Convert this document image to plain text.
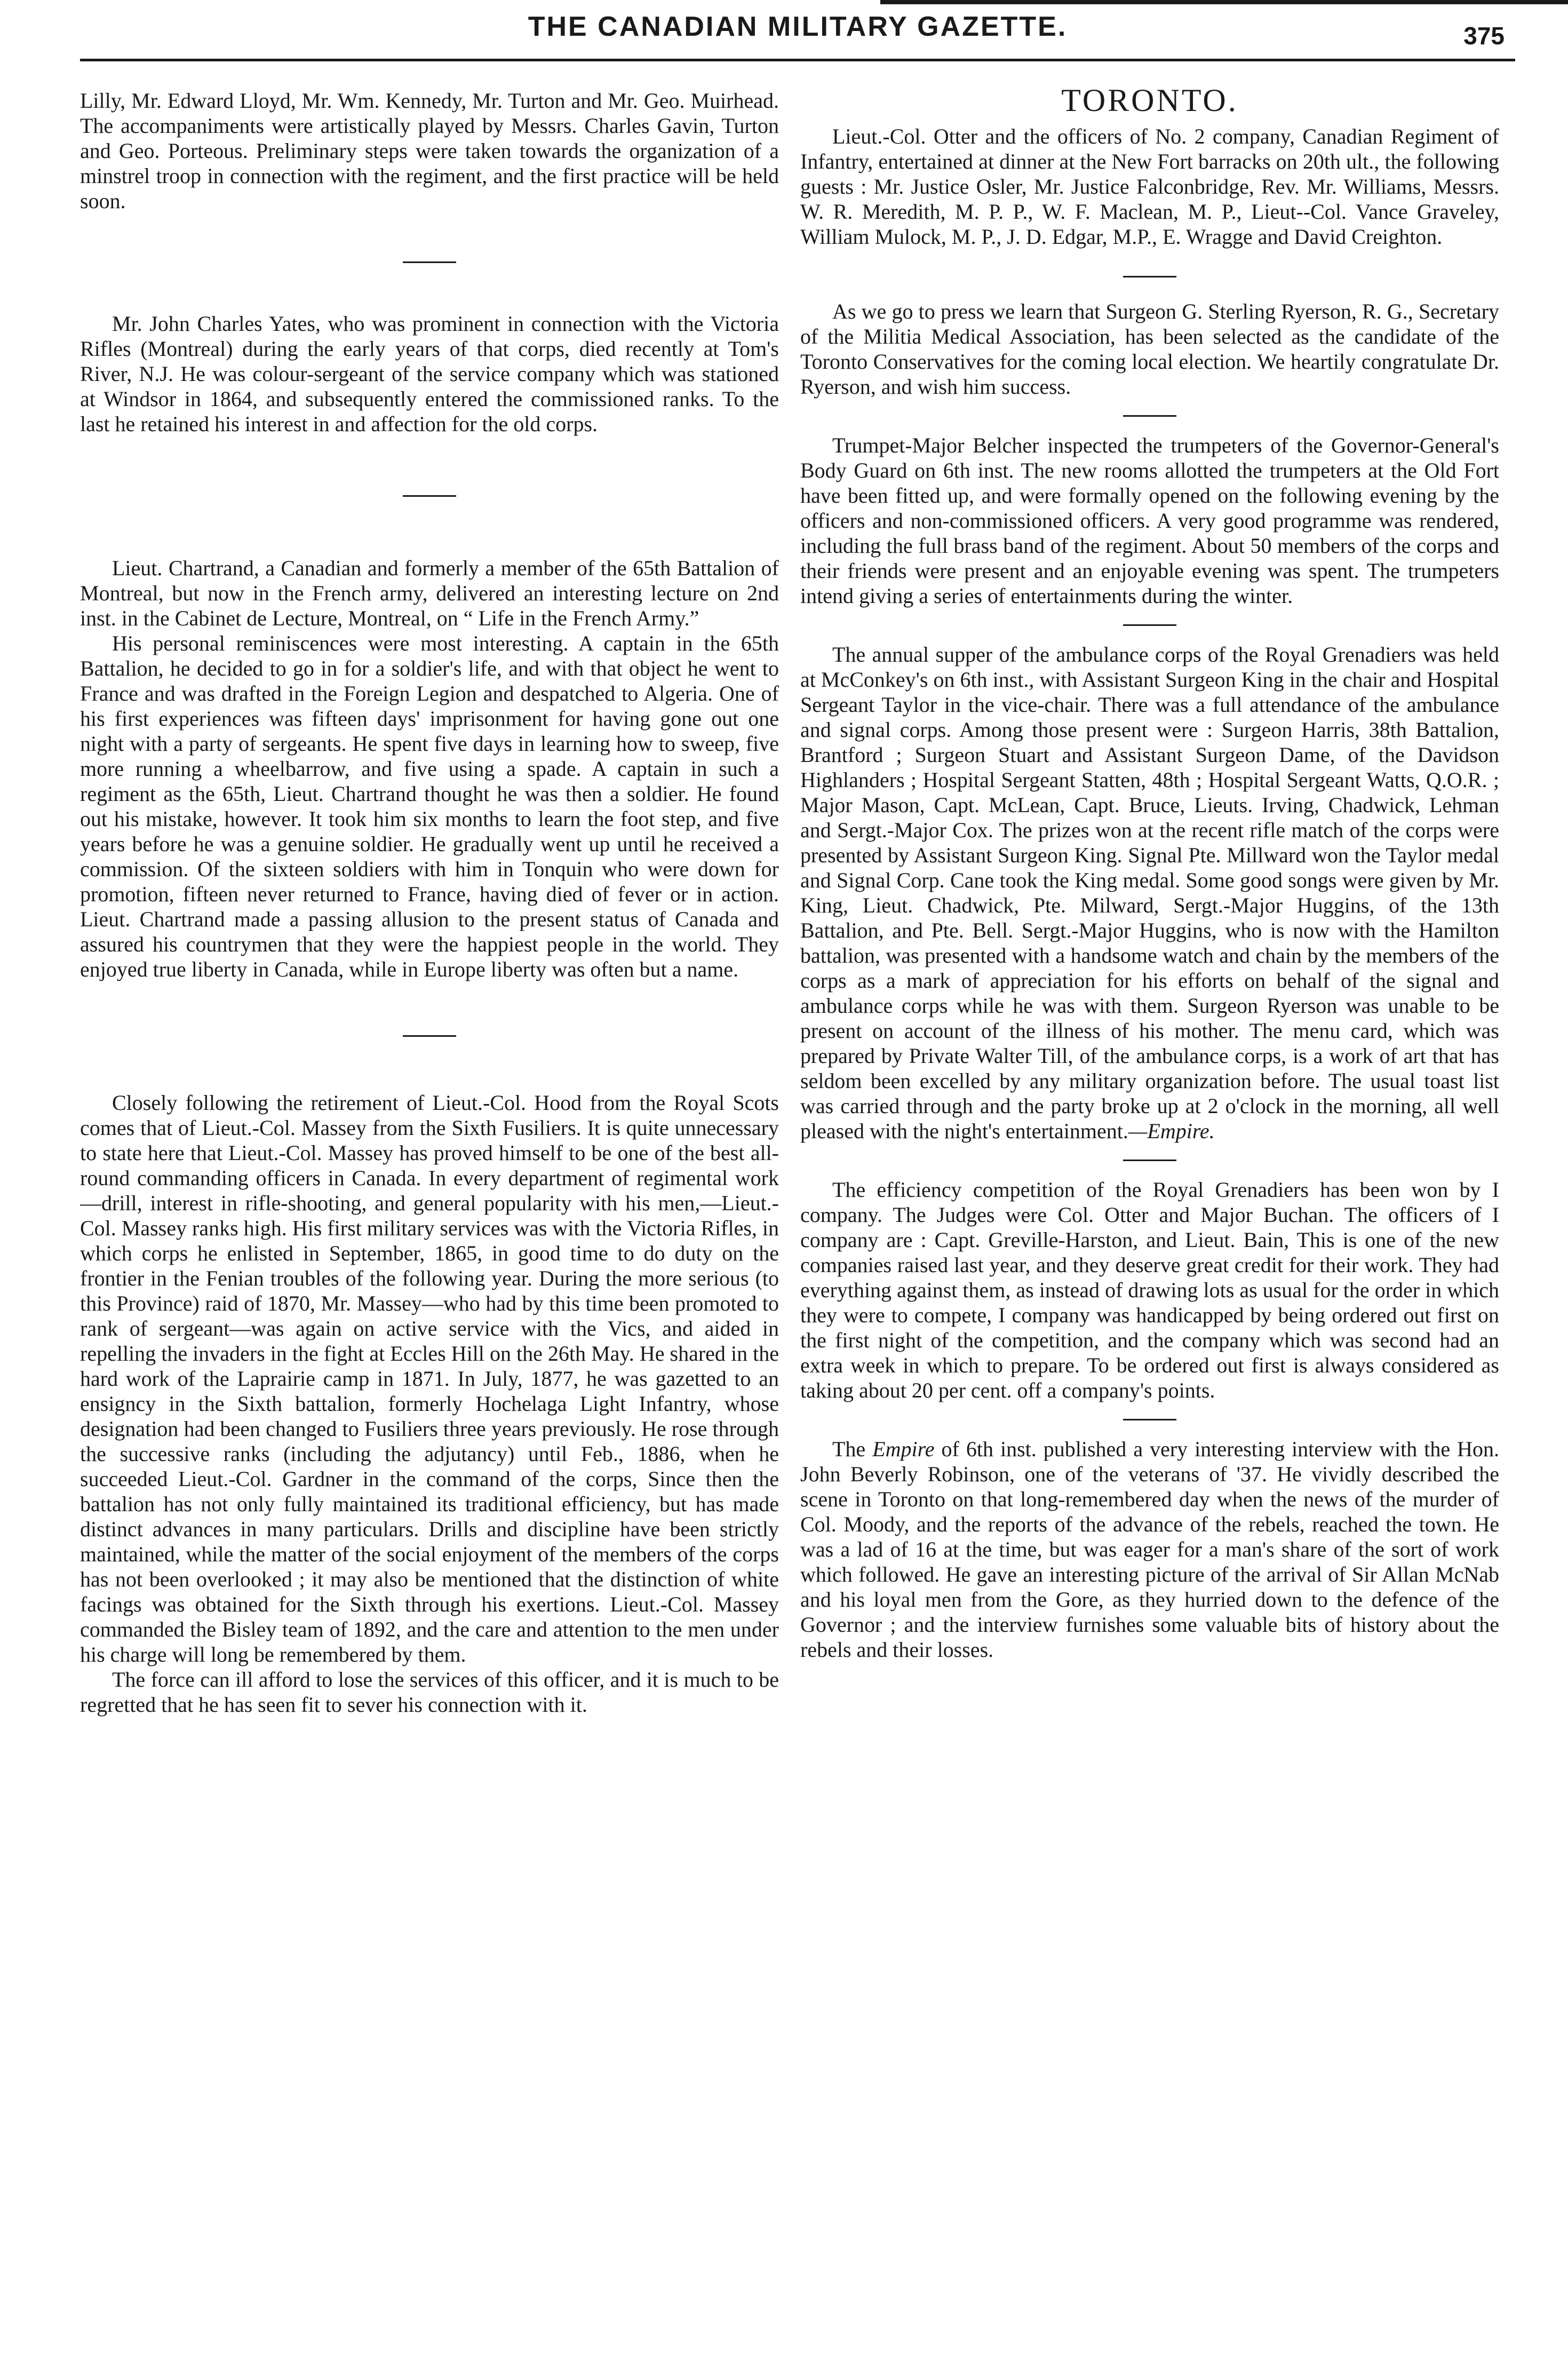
THE CANADIAN MILITARY GAZETTE.	375

Lilly, Mr. Edward Lloyd, Mr. Wm. Kennedy, Mr. Turton and Mr. Geo. Muirhead. The accompaniments were artistically played by Messrs. Charles Gavin, Turton and Geo. Porteous. Preliminary steps were taken towards the organization of a minstrel troop in connection with the regiment, and the first practice will be held soon.

Mr. John Charles Yates, who was prominent in connection with the Victoria Rifles (Montreal) during the early years of that corps, died recently at Tom's River, N.J. He was colour-sergeant of the service company which was stationed at Windsor in 1864, and subsequently entered the commissioned ranks. To the last he retained his interest in and affection for the old corps.

Lieut. Chartrand, a Canadian and formerly a member of the 65th Battalion of Montreal, but now in the French army, delivered an interesting lecture on 2nd inst. in the Cabinet de Lecture, Montreal, on “ Life in the French Army.”

His personal reminiscences were most interesting. A captain in the 65th Battalion, he decided to go in for a soldier's life, and with that object he went to France and was drafted in the Foreign Legion and despatched to Algeria. One of his first experiences was fifteen days' imprisonment for having gone out one night with a party of sergeants. He spent five days in learning how to sweep, five more running a wheelbarrow, and five using a spade. A captain in such a regiment as the 65th, Lieut. Chartrand thought he was then a soldier. He found out his mistake, however. It took him six months to learn the foot step, and five years before he was a genuine soldier. He gradually went up until he received a commission. Of the sixteen soldiers with him in Tonquin who were down for promotion, fifteen never returned to France, having died of fever or in action. Lieut. Chartrand made a passing allusion to the present status of Canada and assured his countrymen that they were the happiest people in the world. They enjoyed true liberty in Canada, while in Europe liberty was often but a name.

Closely following the retirement of Lieut.-Col. Hood from the Royal Scots comes that of Lieut.-Col. Massey from the Sixth Fusiliers. It is quite unnecessary to state here that Lieut.-Col. Massey has proved himself to be one of the best all-round commanding officers in Canada. In every department of regimental work—drill, interest in rifle-shooting, and general popularity with his men,—Lieut.-Col. Massey ranks high. His first military services was with the Victoria Rifles, in which corps he enlisted in September, 1865, in good time to do duty on the frontier in the Fenian troubles of the following year. During the more serious (to this Province) raid of 1870, Mr. Massey—who had by this time been promoted to rank of sergeant—was again on active service with the Vics, and aided in repelling the invaders in the fight at Eccles Hill on the 26th May. He shared in the hard work of the Laprairie camp in 1871. In July, 1877, he was gazetted to an ensigncy in the Sixth battalion, formerly Hochelaga Light Infantry, whose designation had been changed to Fusiliers three years previously. He rose through the successive ranks (including the adjutancy) until Feb., 1886, when he succeeded Lieut.-Col. Gardner in the command of the corps, Since then the battalion has not only fully maintained its traditional efficiency, but has made distinct advances in many particulars. Drills and discipline have been strictly maintained, while the matter of the social enjoyment of the members of the corps has not been overlooked ; it may also be mentioned that the distinction of white facings was obtained for the Sixth through his exertions. Lieut.-Col. Massey commanded the Bisley team of 1892, and the care and attention to the men under his charge will long be remembered by them.

The force can ill afford to lose the services of this officer, and it is much to be regretted that he has seen fit to sever his connection with it.

TORONTO.

Lieut.-Col. Otter and the officers of No. 2 company, Canadian Regiment of Infantry, entertained at dinner at the New Fort barracks on 20th ult., the following guests : Mr. Justice Osler, Mr. Justice Falconbridge, Rev. Mr. Williams, Messrs. W. R. Meredith, M. P. P., W. F. Maclean, M. P., Lieut--Col. Vance Graveley, William Mulock, M. P., J. D. Edgar, M.P., E. Wragge and David Creighton.

As we go to press we learn that Surgeon G. Sterling Ryerson, R. G., Secretary of the Militia Medical Association, has been selected as the candidate of the Toronto Conservatives for the coming local election. We heartily congratulate Dr. Ryerson, and wish him success.

Trumpet-Major Belcher inspected the trumpeters of the Governor-General's Body Guard on 6th inst. The new rooms allotted the trumpeters at the Old Fort have been fitted up, and were formally opened on the following evening by the officers and non-commissioned officers. A very good programme was rendered, including the full brass band of the regiment. About 50 members of the corps and their friends were present and an enjoyable evening was spent. The trumpeters intend giving a series of entertainments during the winter.

The annual supper of the ambulance corps of the Royal Grenadiers was held at McConkey's on 6th inst., with Assistant Surgeon King in the chair and Hospital Sergeant Taylor in the vice-chair. There was a full attendance of the ambulance and signal corps. Among those present were : Surgeon Harris, 38th Battalion, Brantford ; Surgeon Stuart and Assistant Surgeon Dame, of the Davidson Highlanders ; Hospital Sergeant Statten, 48th ; Hospital Sergeant Watts, Q.O.R. ; Major Mason, Capt. McLean, Capt. Bruce, Lieuts. Irving, Chadwick, Lehman and Sergt.-Major Cox. The prizes won at the recent rifle match of the corps were presented by Assistant Surgeon King. Signal Pte. Millward won the Taylor medal and Signal Corp. Cane took the King medal. Some good songs were given by Mr. King, Lieut. Chadwick, Pte. Milward, Sergt.-Major Huggins, of the 13th Battalion, and Pte. Bell. Sergt.-Major Huggins, who is now with the Hamilton battalion, was presented with a handsome watch and chain by the members of the corps as a mark of appreciation for his efforts on behalf of the signal and ambulance corps while he was with them. Surgeon Ryerson was unable to be present on account of the illness of his mother. The menu card, which was prepared by Private Walter Till, of the ambulance corps, is a work of art that has seldom been excelled by any military organization before. The usual toast list was carried through and the party broke up at 2 o'clock in the morning, all well pleased with the night's entertainment.—Empire.

The efficiency competition of the Royal Grenadiers has been won by I company. The Judges were Col. Otter and Major Buchan. The officers of I company are : Capt. Greville-Harston, and Lieut. Bain, This is one of the new companies raised last year, and they deserve great credit for their work. They had everything against them, as instead of drawing lots as usual for the order in which they were to compete, I company was handicapped by being ordered out first on the first night of the competition, and the company which was second had an extra week in which to prepare. To be ordered out first is always considered as taking about 20 per cent. off a company's points.

The Empire of 6th inst. published a very interesting interview with the Hon. John Beverly Robinson, one of the veterans of '37. He vividly described the scene in Toronto on that long-remembered day when the news of the murder of Col. Moody, and the reports of the advance of the rebels, reached the town. He was a lad of 16 at the time, but was eager for a man's share of the sort of work which followed. He gave an interesting picture of the arrival of Sir Allan McNab and his loyal men from the Gore, as they hurried down to the defence of the Governor ; and the interview furnishes some valuable bits of history about the rebels and their losses.
